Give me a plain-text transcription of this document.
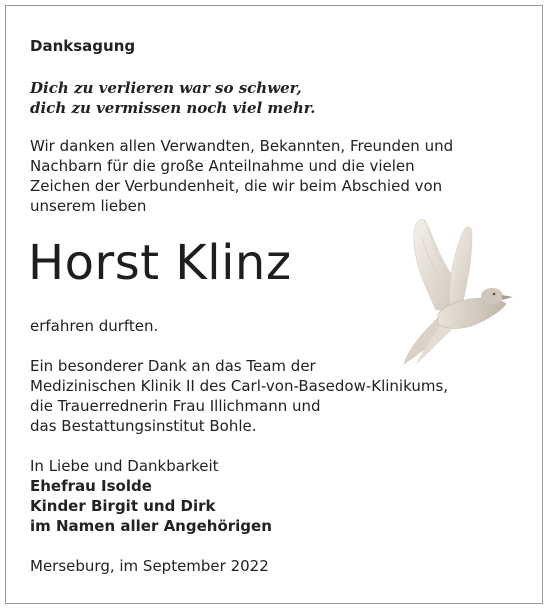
Danksagung
Dich zu verlieren war so schwer,
dich zu vermissen noch viel mehr.
Wir danken allen Verwandten, Bekannten, Freunden und
Nachbarn für die große Anteilnahme und die vielen
Zeichen der Verbundenheit, die wir beim Abschied von
unserem lieben
Horst Klinz
erfahren durften.
Ein besonderer Dank an das Team der
Medizinischen Klinik II des Carl-von-Basedow-Klinikums,
die Trauerrednerin Frau Illichmann und
das Bestattungsinstitut Bohle.
In Liebe und Dankbarkeit
Ehefrau Isolde
Kinder Birgit und Dirk
im Namen aller Angehörigen
Merseburg, im September 2022
